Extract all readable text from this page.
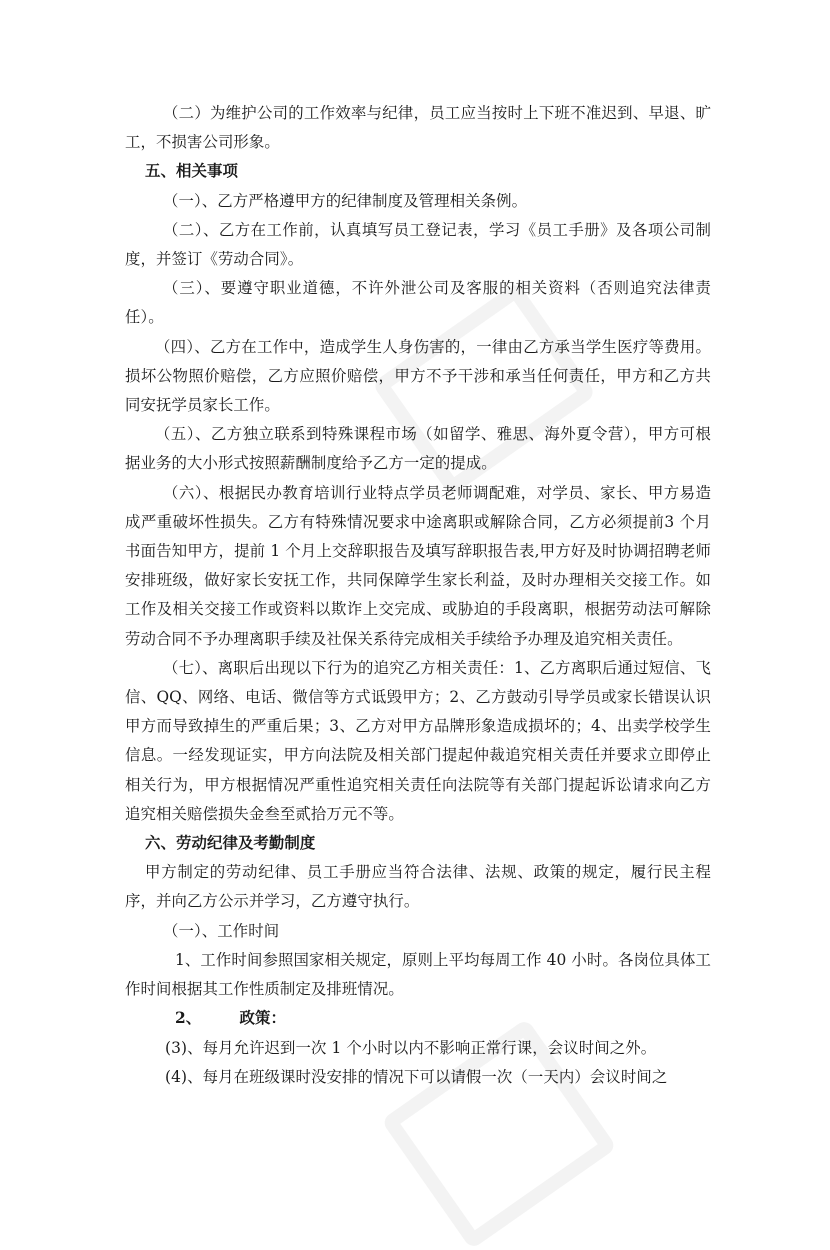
（二）为维护公司的工作效率与纪律，员工应当按时上下班不准迟到、早退、旷工，不损害公司形象。

五、相关事项

（一）、乙方严格遵甲方的纪律制度及管理相关条例。

（二）、乙方在工作前，认真填写员工登记表，学习《员工手册》及各项公司制度，并签订《劳动合同》。

（三）、要遵守职业道德，不许外泄公司及客服的相关资料（否则追究法律责任）。

（四）、乙方在工作中，造成学生人身伤害的，一律由乙方承当学生医疗等费用。损坏公物照价赔偿，乙方应照价赔偿，甲方不予干涉和承当任何责任，甲方和乙方共同安抚学员家长工作。

（五）、乙方独立联系到特殊课程市场（如留学、雅思、海外夏令营），甲方可根据业务的大小形式按照薪酬制度给予乙方一定的提成。

（六）、根据民办教育培训行业特点学员老师调配难，对学员、家长、甲方易造成严重破坏性损失。乙方有特殊情况要求中途离职或解除合同，乙方必须提前3 个月书面告知甲方，提前 1 个月上交辞职报告及填写辞职报告表,甲方好及时协调招聘老师安排班级，做好家长安抚工作，共同保障学生家长利益，及时办理相关交接工作。如工作及相关交接工作或资料以欺诈上交完成、或胁迫的手段离职，根据劳动法可解除劳动合同不予办理离职手续及社保关系待完成相关手续给予办理及追究相关责任。

（七）、离职后出现以下行为的追究乙方相关责任：1、乙方离职后通过短信、飞信、QQ、网络、电话、微信等方式诋毁甲方；2、乙方鼓动引导学员或家长错误认识甲方而导致掉生的严重后果；3、乙方对甲方品牌形象造成损坏的；4、出卖学校学生信息。一经发现证实，甲方向法院及相关部门提起仲裁追究相关责任并要求立即停止相关行为，甲方根据情况严重性追究相关责任向法院等有关部门提起诉讼请求向乙方追究相关赔偿损失金叁至贰拾万元不等。

六、劳动纪律及考勤制度

甲方制定的劳动纪律、员工手册应当符合法律、法规、政策的规定，履行民主程序，并向乙方公示并学习，乙方遵守执行。

（一）、工作时间

1、工作时间参照国家相关规定，原则上平均每周工作 40 小时。各岗位具体工作时间根据其工作性质制定及排班情况。

2、       政策：

(3)、每月允许迟到一次 1 个小时以内不影响正常行课，会议时间之外。

(4)、每月在班级课时没安排的情况下可以请假一次（一天内）会议时间之
